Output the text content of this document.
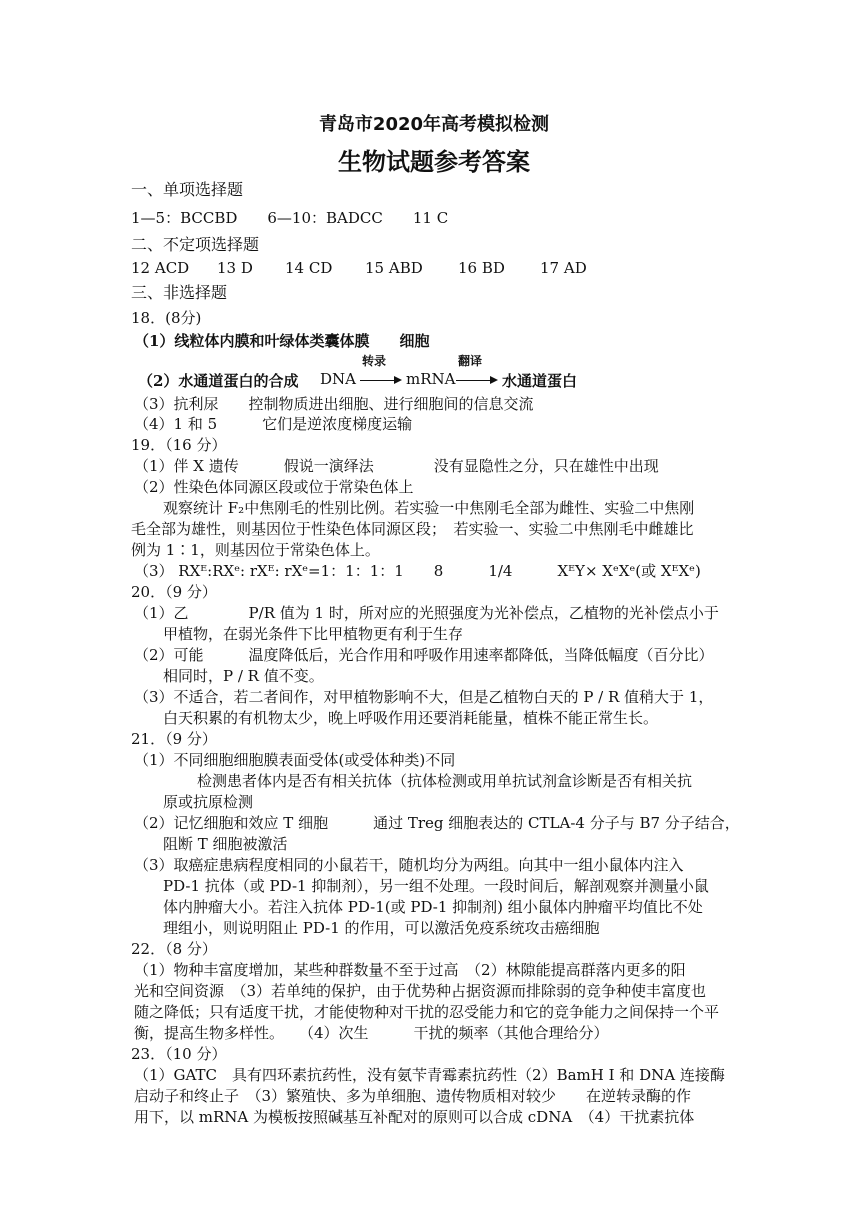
青岛市2020年高考模拟检测
生物试题参考答案
一、单项选择题
1—5：BCCBD　　6—10：BADCC　　11 C
二、不定项选择题
12 ACD 13 D 14 CD 15 ABD 16 BD 17 AD
三、非选择题
18．(8分)
（1）线粒体内膜和叶绿体类囊体膜　　细胞
转录	翻译
（2）水通道蛋白的合成 DNA	mRNA	水通道蛋白
（3）抗利尿　　控制物质进出细胞、进行细胞间的信息交流
（4）1 和 5　　　它们是逆浓度梯度运输
19．（16 分）
（1）伴 X 遗传　　　假说一演绎法　　　　没有显隐性之分，只在雄性中出现
（2）性染色体同源区段或位于常染色体上
观察统计 F₂中焦刚毛的性别比例。若实验一中焦刚毛全部为雌性、实验二中焦刚
毛全部为雄性，则基因位于性染色体同源区段；　若实验一、实验二中焦刚毛中雌雄比
例为 1∶1，则基因位于常染色体上。
（3） RXᴱ:RXᵉ: rXᴱ: rXᵉ=1：1：1：1　　8　　　1/4　　　XᴱY× XᵉXᵉ(或 XᴱXᵉ)
20．（9 分）
（1）乙　　　　P/R 值为 1 时，所对应的光照强度为光补偿点，乙植物的光补偿点小于
甲植物，在弱光条件下比甲植物更有利于生存
（2）可能　　　温度降低后，光合作用和呼吸作用速率都降低，当降低幅度（百分比）
相同时，P / R 值不变。
（3）不适合，若二者间作，对甲植物影响不大，但是乙植物白天的 P / R 值稍大于 1，
白天积累的有机物太少，晚上呼吸作用还要消耗能量，植株不能正常生长。
21．（9 分）
（1）不同细胞细胞膜表面受体(或受体种类)不同
检测患者体内是否有相关抗体（抗体检测或用单抗试剂盒诊断是否有相关抗
原或抗原检测
（2）记忆细胞和效应 T 细胞　　　通过 Treg 细胞表达的 CTLA-4 分子与 B7 分子结合，
阻断 T 细胞被激活
（3）取癌症患病程度相同的小鼠若干，随机均分为两组。向其中一组小鼠体内注入
PD-1 抗体（或 PD-1 抑制剂），另一组不处理。一段时间后，解剖观察并测量小鼠
体内肿瘤大小。若注入抗体 PD-1(或 PD-1 抑制剂) 组小鼠体内肿瘤平均值比不处
理组小，则说明阻止 PD-1 的作用，可以激活免疫系统攻击癌细胞
22．（8 分）
（1）物种丰富度增加，某些种群数量不至于过高　（2）林隙能提高群落内更多的阳
光和空间资源　（3）若单纯的保护，由于优势种占据资源而排除弱的竞争种使丰富度也
随之降低；只有适度干扰，才能使物种对干扰的忍受能力和它的竞争能力之间保持一个平
衡，提高生物多样性。　　（4）次生　　　干扰的频率（其他合理给分）
23．（10 分）
（1）GATC　具有四环素抗药性，没有氨苄青霉素抗药性（2）BamH I 和 DNA 连接酶
启动子和终止子　（3）繁殖快、多为单细胞、遗传物质相对较少　　在逆转录酶的作
用下，以 mRNA 为模板按照碱基互补配对的原则可以合成 cDNA　（4）干扰素抗体
